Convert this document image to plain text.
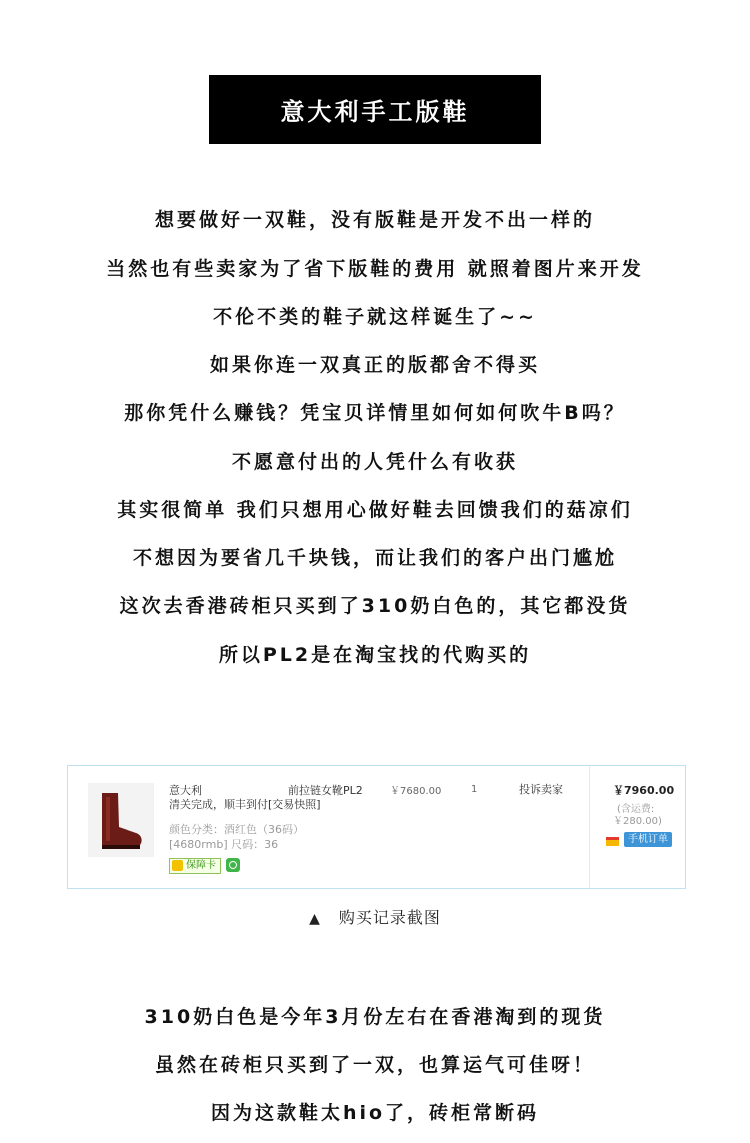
意大利手工版鞋
想要做好一双鞋，没有版鞋是开发不出一样的
当然也有些卖家为了省下版鞋的费用 就照着图片来开发
不伦不类的鞋子就这样诞生了~~
如果你连一双真正的版都舍不得买
那你凭什么赚钱？凭宝贝详情里如何如何吹牛B吗？
不愿意付出的人凭什么有收获
其实很简单 我们只想用心做好鞋去回馈我们的菇凉们
不想因为要省几千块钱，而让我们的客户出门尴尬
这次去香港砖柜只买到了310奶白色的，其它都没货
所以PL2是在淘宝找的代购买的
意大利
清关完成，顺丰到付[交易快照]
颜色分类：酒红色（36码）
[4680rmb] 尺码：36
保障卡
前拉链女靴PL2	￥7680.00	1	投诉卖家	￥7960.00
(含运费:
￥280.00)
手机订单
▲ 购买记录截图
310奶白色是今年3月份左右在香港淘到的现货
虽然在砖柜只买到了一双，也算运气可佳呀！
因为这款鞋太hio了，砖柜常断码
